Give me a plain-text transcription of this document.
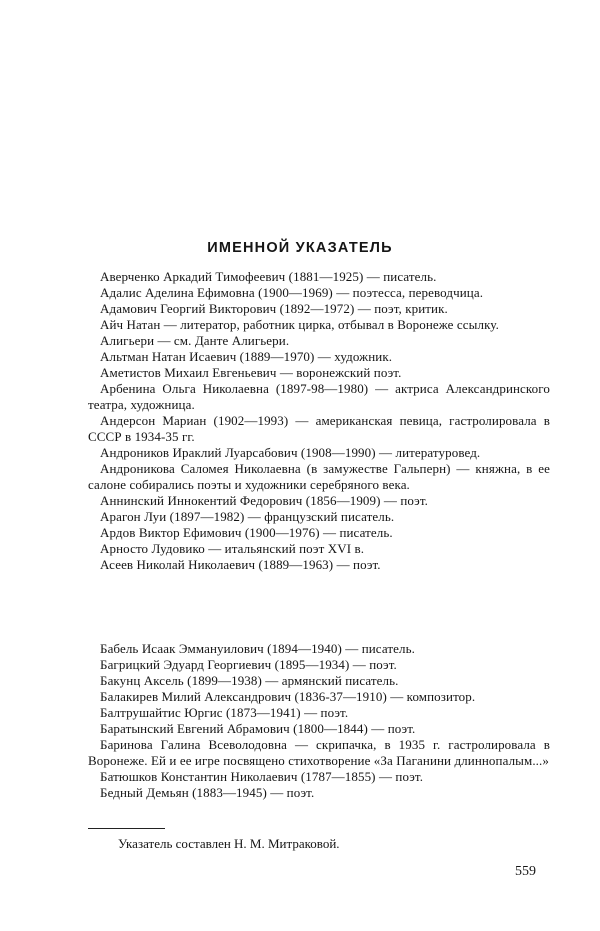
ИМЕННОЙ УКАЗАТЕЛЬ

Аверченко Аркадий Тимофеевич (1881—1925) — писатель.

Адалис Аделина Ефимовна (1900—1969) — поэтесса, переводчица.

Адамович Георгий Викторович (1892—1972) — поэт, критик.

Айч Натан — литератор, работник цирка, отбывал в Воронеже ссылку.

Алигьери — см. Данте Алигьери.

Альтман Натан Исаевич (1889—1970) — художник.

Аметистов Михаил Евгеньевич — воронежский поэт.

Арбенина Ольга Николаевна (1897-98—1980) — актриса Александринского театра, художница.

Андерсон Мариан (1902—1993) — американская певица, гастролировала в СССР в 1934-35 гг.

Андроников Ираклий Луарсабович (1908—1990) — литературовед.

Андроникова Саломея Николаевна (в замужестве Гальперн) — княжна, в ее салоне собирались поэты и художники серебряного века.

Аннинский Иннокентий Федорович (1856—1909) — поэт.

Арагон Луи (1897—1982) — французский писатель.

Ардов Виктор Ефимович (1900—1976) — писатель.

Арносто Лудовико — итальянский поэт XVI в.

Асеев Николай Николаевич (1889—1963) — поэт.

Бабель Исаак Эммануилович (1894—1940) — писатель.

Багрицкий Эдуард Георгиевич (1895—1934) — поэт.

Бакунц Аксель (1899—1938) — армянский писатель.

Балакирев Милий Александрович (1836-37—1910) — композитор.

Балтрушайтис Юргис (1873—1941) — поэт.

Баратынский Евгений Абрамович (1800—1844) — поэт.

Баринова Галина Всеволодовна — скрипачка, в 1935 г. гастролировала в Воронеже. Ей и ее игре посвящено стихотворение «За Паганини длиннопалым...»

Батюшков Константин Николаевич (1787—1855) — поэт.

Бедный Демьян (1883—1945) — поэт.

Указатель составлен Н. М. Митраковой.
559
